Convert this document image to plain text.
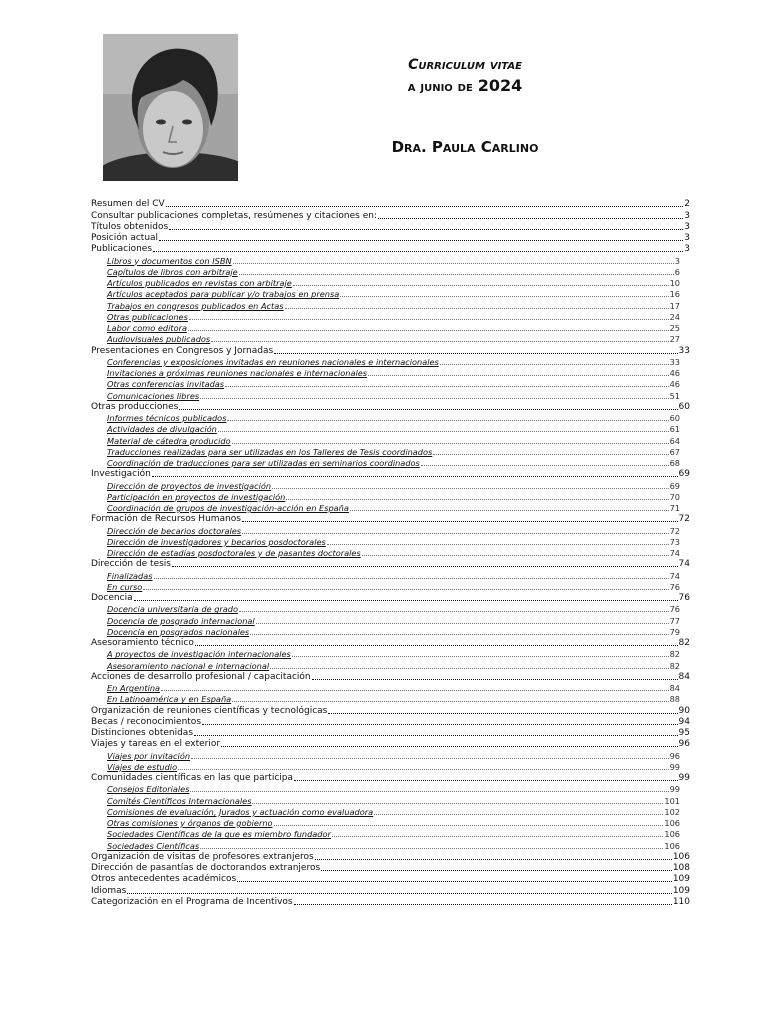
Curriculum vitae
a junio de 2024
Dra. Paula Carlino
Resumen del CV	2
Consultar publicaciones completas, resúmenes y citaciones en:	3
Títulos obtenidos	3
Posición actual	3
Publicaciones	3
Libros y documentos con ISBN	3
Capítulos de libros con arbitraje	6
Artículos publicados en revistas con arbitraje	10
Artículos aceptados para publicar y/o trabajos en prensa	16
Trabajos en congresos publicados en Actas	17
Otras publicaciones	24
Labor como editora	25
Audiovisuales publicados	27
Presentaciones en Congresos y Jornadas	33
Conferencias y exposiciones invitadas en reuniones nacionales e internacionales	33
Invitaciones a próximas reuniones nacionales e internacionales	46
Otras conferencias invitadas	46
Comunicaciones libres	51
Otras producciones	60
Informes técnicos publicados	60
Actividades de divulgación	61
Material de cátedra producido	64
Traducciones realizadas para ser utilizadas en los Talleres de Tesis coordinados	67
Coordinación de traducciones para ser utilizadas en seminarios coordinados	68
Investigación	69
Dirección de proyectos de investigación	69
Participación en proyectos de investigación	70
Coordinación de grupos de investigación-acción en España	71
Formación de Recursos Humanos	72
Dirección de becarios doctorales	72
Dirección de investigadores y becarios posdoctorales	73
Dirección de estadías posdoctorales y de pasantes doctorales	74
Dirección de tesis	74
Finalizadas	74
En curso	76
Docencia	76
Docencia universitaria de grado	76
Docencia de posgrado internacional	77
Docencia en posgrados nacionales	79
Asesoramiento técnico	82
A proyectos de investigación internacionales	82
Asesoramiento nacional e internacional	82
Acciones de desarrollo profesional / capacitación	84
En Argentina	84
En Latinoamérica y en España	88
Organización de reuniones científicas y tecnológicas	90
Becas / reconocimientos	94
Distinciones obtenidas	95
Viajes y tareas en el exterior	96
Viajes por invitación	96
Viajes de estudio	99
Comunidades científicas en las que participa	99
Consejos Editoriales	99
Comités Científicos Internacionales	101
Comisiones de evaluación, Jurados y actuación como evaluadora	102
Otras comisiones y órganos de gobierno	106
Sociedades Científicas de la que es miembro fundador	106
Sociedades Científicas	106
Organización de visitas de profesores extranjeros	106
Dirección de pasantías de doctorandos extranjeros	108
Otros antecedentes académicos	109
Idiomas	109
Categorización en el Programa de Incentivos	110
